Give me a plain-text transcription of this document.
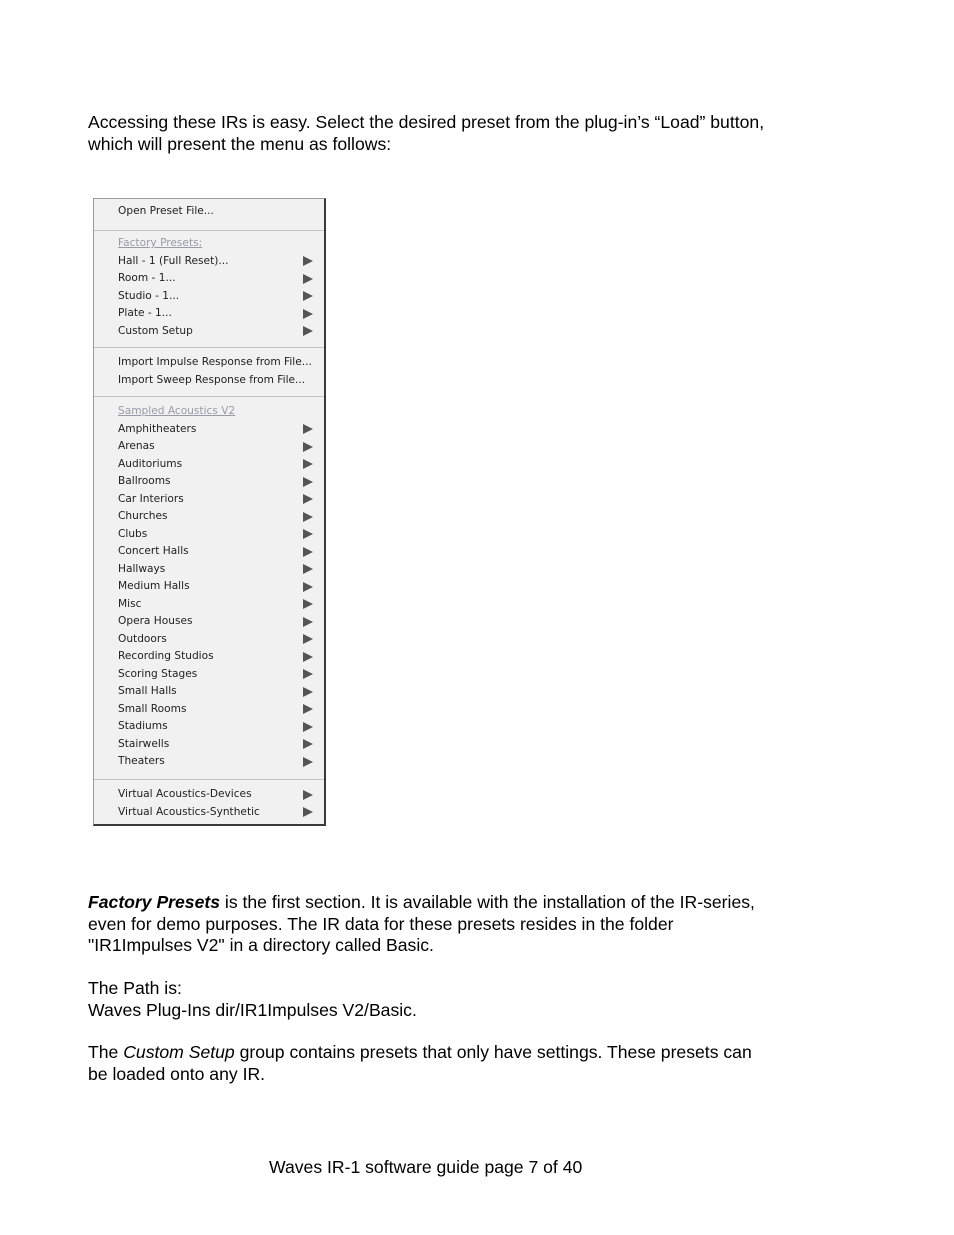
Accessing these IRs is easy. Select the desired preset from the plug-in’s “Load” button,
which will present the menu as follows:

Open Preset File...
Factory Presets:
Hall - 1 (Full Reset)...
Room - 1...
Studio - 1...
Plate - 1...
Custom Setup
Import Impulse Response from File...
Import Sweep Response from File...
Sampled Acoustics V2
Amphitheaters
Arenas
Auditoriums
Ballrooms
Car Interiors
Churches
Clubs
Concert Halls
Hallways
Medium Halls
Misc
Opera Houses
Outdoors
Recording Studios
Scoring Stages
Small Halls
Small Rooms
Stadiums
Stairwells
Theaters
Virtual Acoustics-Devices
Virtual Acoustics-Synthetic

Factory Presets is the first section. It is available with the installation of the IR-series,
even for demo purposes. The IR data for these presets resides in the folder
"IR1Impulses V2" in a directory called Basic.

The Path is:
Waves Plug-Ins dir/IR1Impulses V2/Basic.

The Custom Setup group contains presets that only have settings. These presets can
be loaded onto any IR.

Waves IR-1 software guide page 7 of 40
